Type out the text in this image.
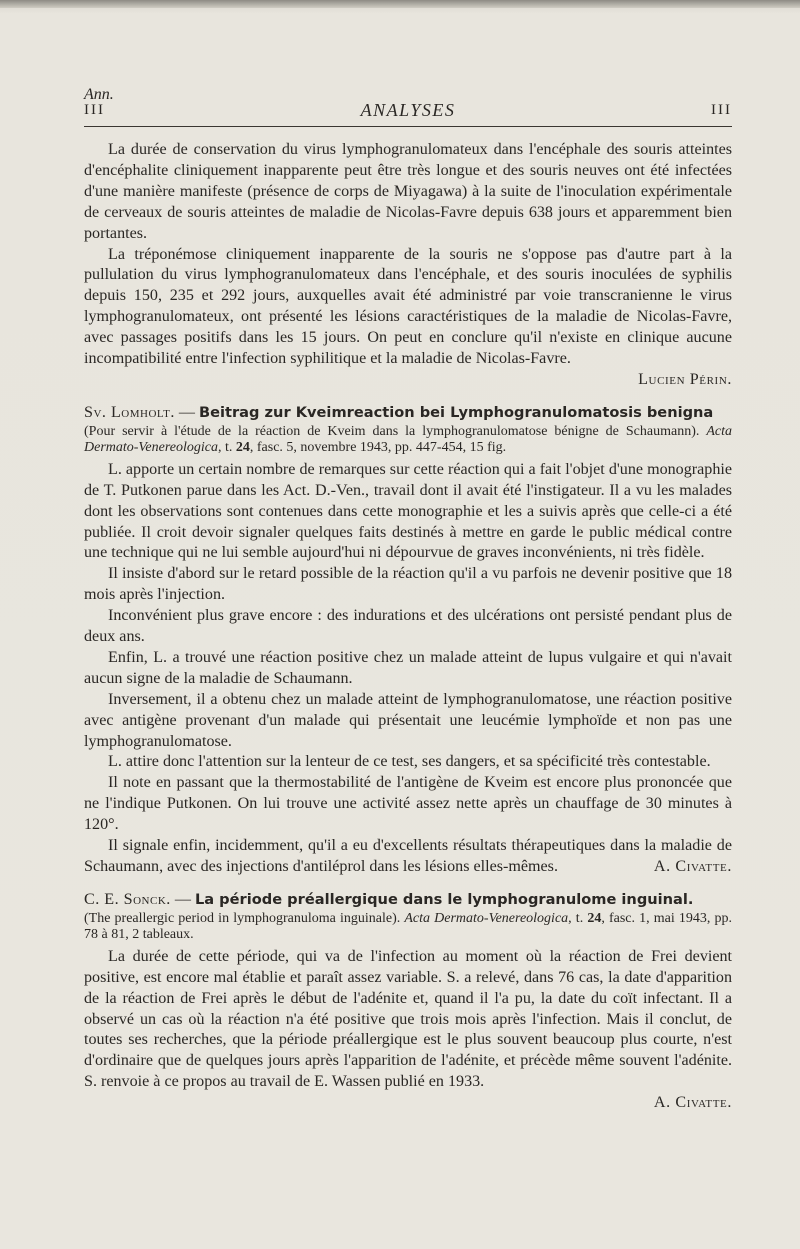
Ann.
III	ANALYSES	III

La durée de conservation du virus lymphogranulomateux dans l'encéphale des souris atteintes d'encéphalite cliniquement inapparente peut être très longue et des souris neuves ont été infectées d'une manière manifeste (présence de corps de Miyagawa) à la suite de l'inoculation expérimentale de cerveaux de souris atteintes de maladie de Nicolas-Favre depuis 638 jours et apparemment bien portantes.

La tréponémose cliniquement inapparente de la souris ne s'oppose pas d'autre part à la pullulation du virus lymphogranulomateux dans l'encéphale, et des souris inoculées de syphilis depuis 150, 235 et 292 jours, auxquelles avait été administré par voie transcranienne le virus lymphogranulomateux, ont présenté les lésions caractéristiques de la maladie de Nicolas-Favre, avec passages positifs dans les 15 jours. On peut en conclure qu'il n'existe en clinique aucune incompatibilité entre l'infection syphilitique et la maladie de Nicolas-Favre.

Lucien Périn.

Sv. Lomholt. — Beitrag zur Kveimreaction bei Lymphogranulomatosis benigna

(Pour servir à l'étude de la réaction de Kveim dans la lymphogranulomatose bénigne de Schaumann). Acta Dermato-Venereologica, t. 24, fasc. 5, novembre 1943, pp. 447-454, 15 fig.

L. apporte un certain nombre de remarques sur cette réaction qui a fait l'objet d'une monographie de T. Putkonen parue dans les Act. D.-Ven., travail dont il avait été l'instigateur. Il a vu les malades dont les observations sont contenues dans cette monographie et les a suivis après que celle-ci a été publiée. Il croit devoir signaler quelques faits destinés à mettre en garde le public médical contre une technique qui ne lui semble aujourd'hui ni dépourvue de graves inconvénients, ni très fidèle.

Il insiste d'abord sur le retard possible de la réaction qu'il a vu parfois ne devenir positive que 18 mois après l'injection.

Inconvénient plus grave encore : des indurations et des ulcérations ont persisté pendant plus de deux ans.

Enfin, L. a trouvé une réaction positive chez un malade atteint de lupus vulgaire et qui n'avait aucun signe de la maladie de Schaumann.

Inversement, il a obtenu chez un malade atteint de lymphogranulomatose, une réaction positive avec antigène provenant d'un malade qui présentait une leucémie lymphoïde et non pas une lymphogranulomatose.

L. attire donc l'attention sur la lenteur de ce test, ses dangers, et sa spécificité très contestable.

Il note en passant que la thermostabilité de l'antigène de Kveim est encore plus prononcée que ne l'indique Putkonen. On lui trouve une activité assez nette après un chauffage de 30 minutes à 120°.

Il signale enfin, incidemment, qu'il a eu d'excellents résultats thérapeutiques dans la maladie de Schaumann, avec des injections d'antiléprol dans les lésions elles-mêmes.	A. Civatte.

C. E. Sonck. — La période préallergique dans le lymphogranulome inguinal.

(The preallergic period in lymphogranuloma inguinale). Acta Dermato-Venereologica, t. 24, fasc. 1, mai 1943, pp. 78 à 81, 2 tableaux.

La durée de cette période, qui va de l'infection au moment où la réaction de Frei devient positive, est encore mal établie et paraît assez variable. S. a relevé, dans 76 cas, la date d'apparition de la réaction de Frei après le début de l'adénite et, quand il l'a pu, la date du coït infectant. Il a observé un cas où la réaction n'a été positive que trois mois après l'infection. Mais il conclut, de toutes ses recherches, que la période préallergique est le plus souvent beaucoup plus courte, n'est d'ordinaire que de quelques jours après l'apparition de l'adénite, et précède même souvent l'adénite. S. renvoie à ce propos au travail de E. Wassen publié en 1933.

A. Civatte.
